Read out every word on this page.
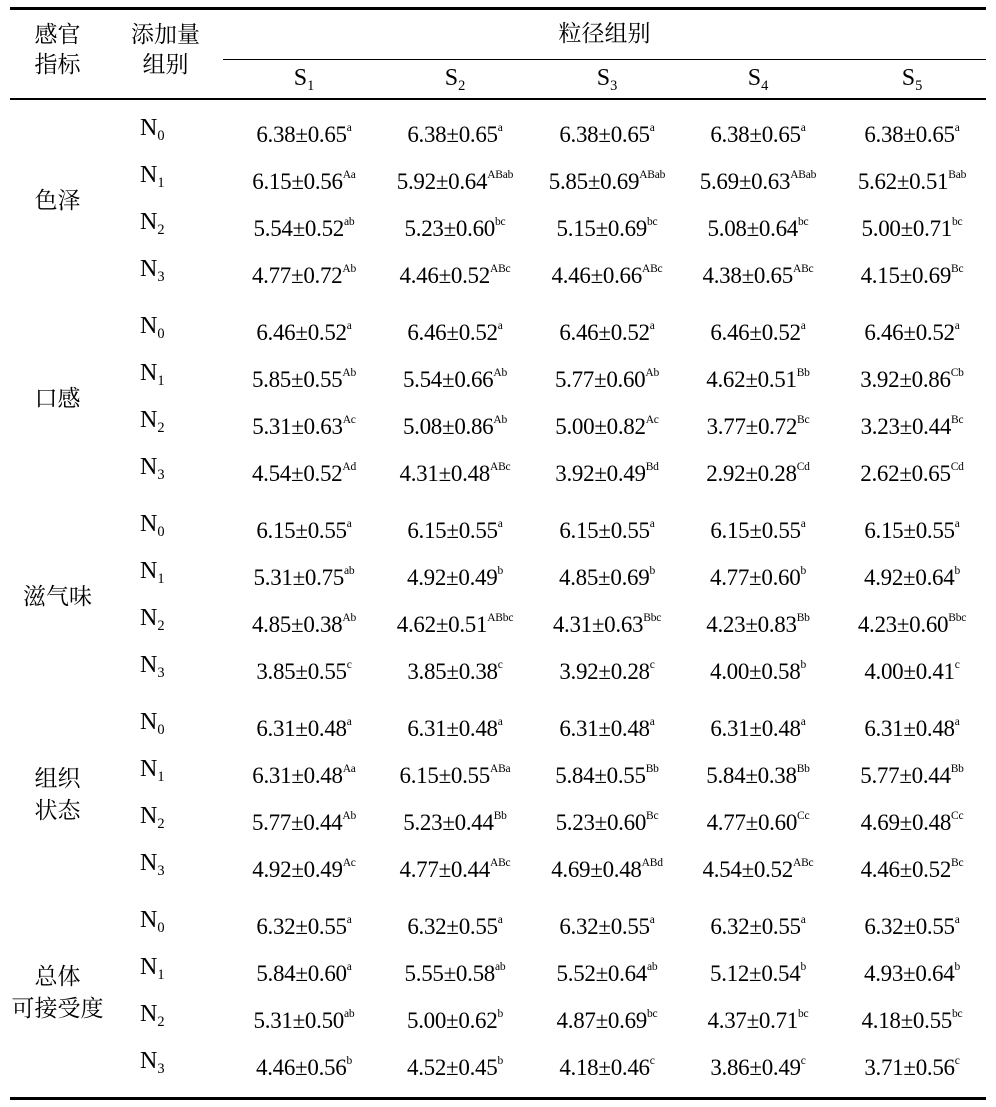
感官
指标
添加量
组别
粒径组别
$S_1$	$S_2$	$S_3$	$S_4$	$S_5$
色泽
$N_0$	6.38±0.65$^a$	6.38±0.65$^a$	6.38±0.65$^a$	6.38±0.65$^a$	6.38±0.65$^a$
$N_1$	$6.15\pm 0.56^{Aa}$	$5.92\pm 0.64^{ABab}$	$5.85\pm 0.69^{ABab}$	$5.69\pm 0.63^{ABab}$	$5.62\pm 0.51^{Bab}$
$N_2$	5.54±0.52$^{ab}$	5.23±0.60$^{bc}$	5.15±0.69$^{bc}$	5.08±0.64$^{bc}$	5.00±0.71$^{bc}$
$N_3$	$4.77\pm 0.72^{Ab}$	$4.46\pm 0.52^{ABc}$	$4.46\pm 0.66^{ABc}$	$4.38\pm 0.65^{ABc}$	$4.15\pm 0.69^{Bc}$
口感
$N_0$	6.46±0.52$^a$	6.46±0.52$^a$	6.46±0.52$^a$	6.46±0.52$^a$	6.46±0.52$^a$
$N_1$	$5.85\pm 0.55^{Ab}$	$5.54\pm 0.66^{Ab}$	$5.77\pm 0.60^{Ab}$	$4.62\pm 0.51^{Bb}$	$3.92\pm 0.86^{Cb}$
$N_2$	$5.31\pm 0.63^{Ac}$	$5.08\pm 0.86^{Ab}$	$5.00\pm 0.82^{Ac}$	$3.77\pm 0.72^{Bc}$	$3.23\pm 0.44^{Bc}$
$N_3$	$4.54\pm 0.52^{Ad}$	$4.31\pm 0.48^{ABc}$	$3.92\pm 0.49^{Bd}$	$2.92\pm 0.28^{Cd}$	$2.62\pm 0.65^{Cd}$
滋气味
$N_0$	6.15±0.55$^a$	6.15±0.55$^a$	6.15±0.55$^a$	6.15±0.55$^a$	6.15±0.55$^a$
$N_1$	5.31±0.75$^{ab}$	4.92±0.49$^b$	4.85±0.69$^b$	4.77±0.60$^b$	4.92±0.64$^b$
$N_2$	$4.85\pm 0.38^{Ab}$	$4.62\pm 0.51^{ABbc}$	$4.31\pm 0.63^{Bbc}$	$4.23\pm 0.83^{Bb}$	$4.23\pm 0.60^{Bbc}$
$N_3$	3.85±0.55$^c$	3.85±0.38$^c$	3.92±0.28$^c$	4.00±0.58$^b$	4.00±0.41$^c$
组织
状态
$N_0$	6.31±0.48$^a$	6.31±0.48$^a$	6.31±0.48$^a$	6.31±0.48$^a$	6.31±0.48$^a$
$N_1$	$6.31\pm 0.48^{Aa}$	$6.15\pm 0.55^{ABa}$	$5.84\pm 0.55^{Bb}$	$5.84\pm 0.38^{Bb}$	$5.77\pm 0.44^{Bb}$
$N_2$	$5.77\pm 0.44^{Ab}$	$5.23\pm 0.44^{Bb}$	$5.23\pm 0.60^{Bc}$	$4.77\pm 0.60^{Cc}$	$4.69\pm 0.48^{Cc}$
$N_3$	$4.92\pm 0.49^{Ac}$	$4.77\pm 0.44^{ABc}$	$4.69\pm 0.48^{ABd}$	$4.54\pm 0.52^{ABc}$	$4.46\pm 0.52^{Bc}$
总体
可接受度
$N_0$	6.32±0.55$^a$	6.32±0.55$^a$	6.32±0.55$^a$	6.32±0.55$^a$	6.32±0.55$^a$
$N_1$	5.84±0.60$^a$	5.55±0.58$^{ab}$	5.52±0.64$^{ab}$	5.12±0.54$^b$	4.93±0.64$^b$
$N_2$	5.31±0.50$^{ab}$	5.00±0.62$^b$	4.87±0.69$^{bc}$	4.37±0.71$^{bc}$	4.18±0.55$^{bc}$
$N_3$	4.46±0.56$^b$	4.52±0.45$^b$	4.18±0.46$^c$	3.86±0.49$^c$	3.71±0.56$^c$
